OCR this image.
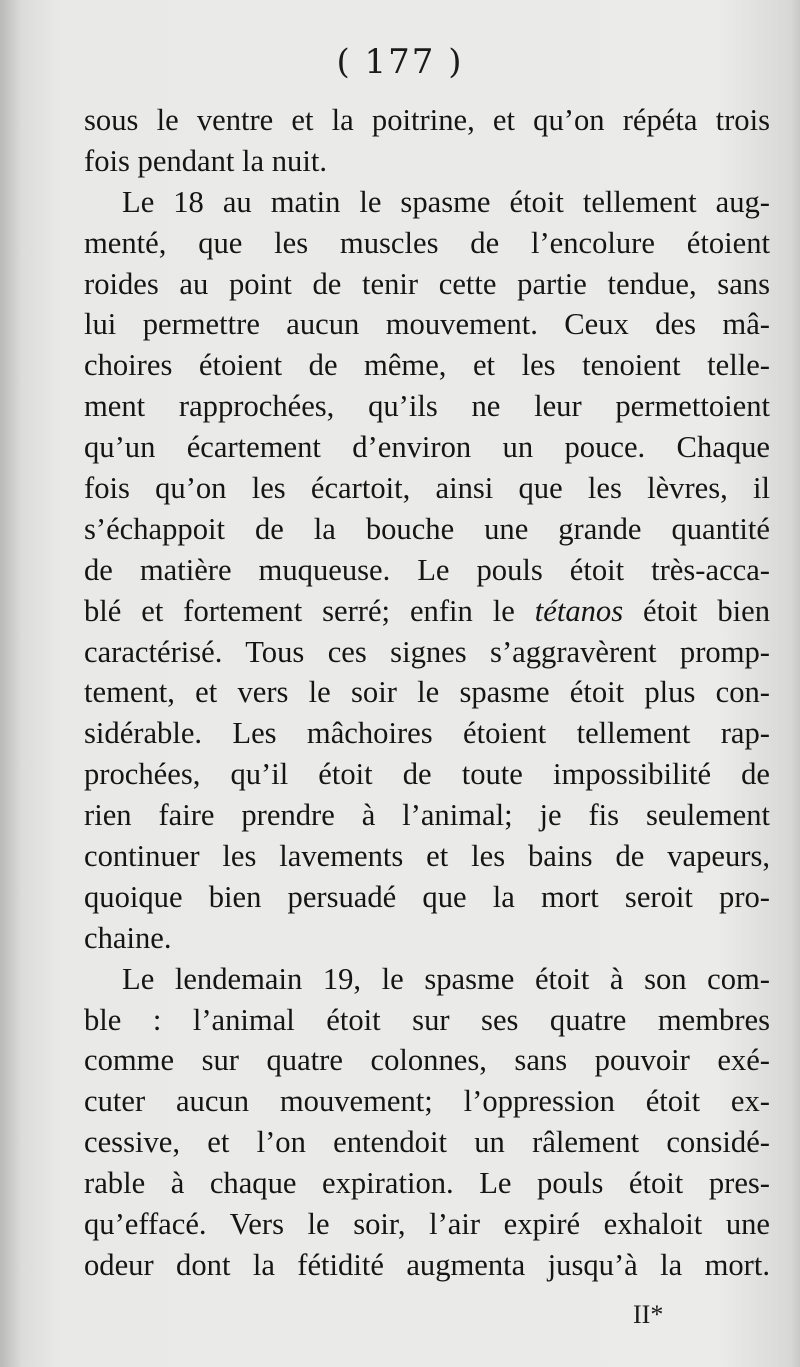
( 177 )
sous le ventre et la poitrine, et qu’on répéta trois
fois pendant la nuit.
Le 18 au matin le spasme étoit tellement aug-
menté, que les muscles de l’encolure étoient
roides au point de tenir cette partie tendue, sans
lui permettre aucun mouvement. Ceux des mâ-
choires étoient de même, et les tenoient telle-
ment rapprochées, qu’ils ne leur permettoient
qu’un écartement d’environ un pouce. Chaque
fois qu’on les écartoit, ainsi que les lèvres, il
s’échappoit de la bouche une grande quantité
de matière muqueuse. Le pouls étoit très-acca-
blé et fortement serré; enfin le tétanos étoit bien
caractérisé. Tous ces signes s’aggravèrent promp-
tement, et vers le soir le spasme étoit plus con-
sidérable. Les mâchoires étoient tellement rap-
prochées, qu’il étoit de toute impossibilité de
rien faire prendre à l’animal; je fis seulement
continuer les lavements et les bains de vapeurs,
quoique bien persuadé que la mort seroit pro-
chaine.
Le lendemain 19, le spasme étoit à son com-
ble : l’animal étoit sur ses quatre membres
comme sur quatre colonnes, sans pouvoir exé-
cuter aucun mouvement; l’oppression étoit ex-
cessive, et l’on entendoit un râlement considé-
rable à chaque expiration. Le pouls étoit pres-
qu’effacé. Vers le soir, l’air expiré exhaloit une
odeur dont la fétidité augmenta jusqu’à la mort.
II*
